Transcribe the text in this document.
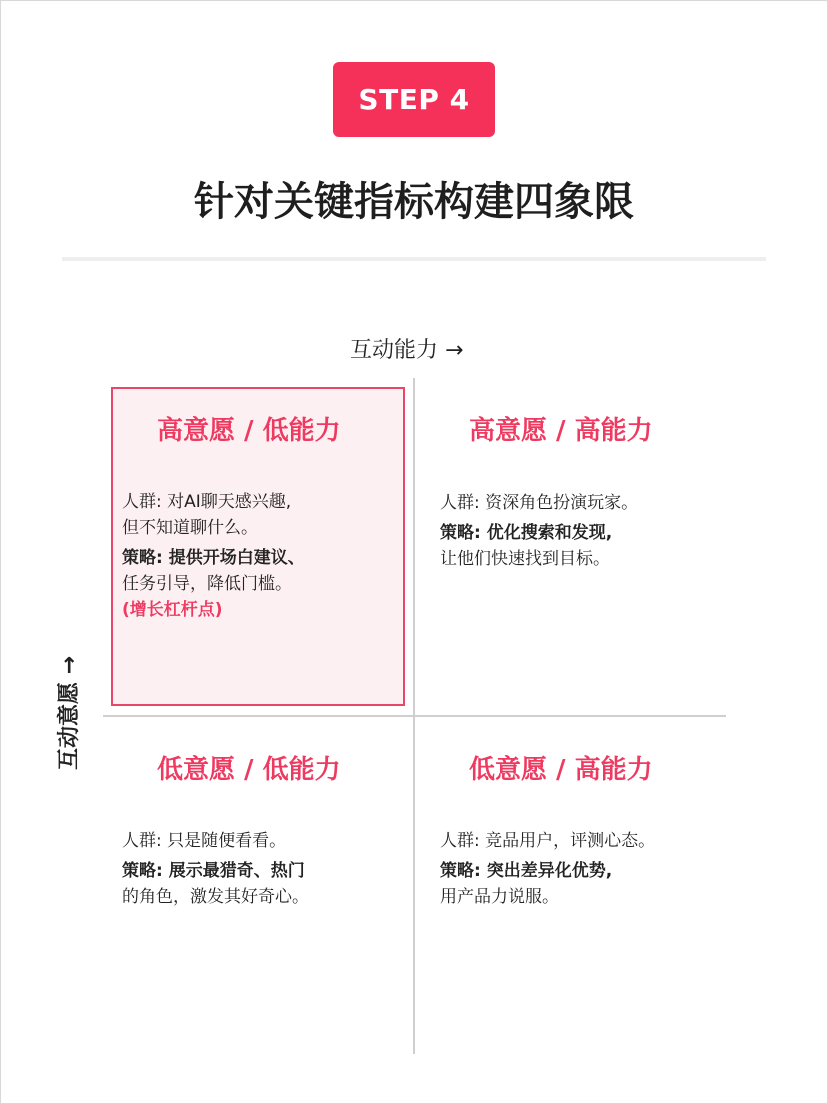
STEP 4
针对关键指标构建四象限
互动能力 →
互动意愿 →
高意愿 / 低能力

人群: 对AI聊天感兴趣,

但不知道聊什么。

策略: 提供开场白建议、

任务引导，降低门槛。

(增长杠杆点)

高意愿 / 高能力

人群: 资深角色扮演玩家。

策略: 优化搜索和发现,

让他们快速找到目标。

低意愿 / 低能力

人群: 只是随便看看。

策略: 展示最猎奇、热门

的角色，激发其好奇心。

低意愿 / 高能力

人群: 竞品用户，评测心态。

策略: 突出差异化优势,

用产品力说服。
